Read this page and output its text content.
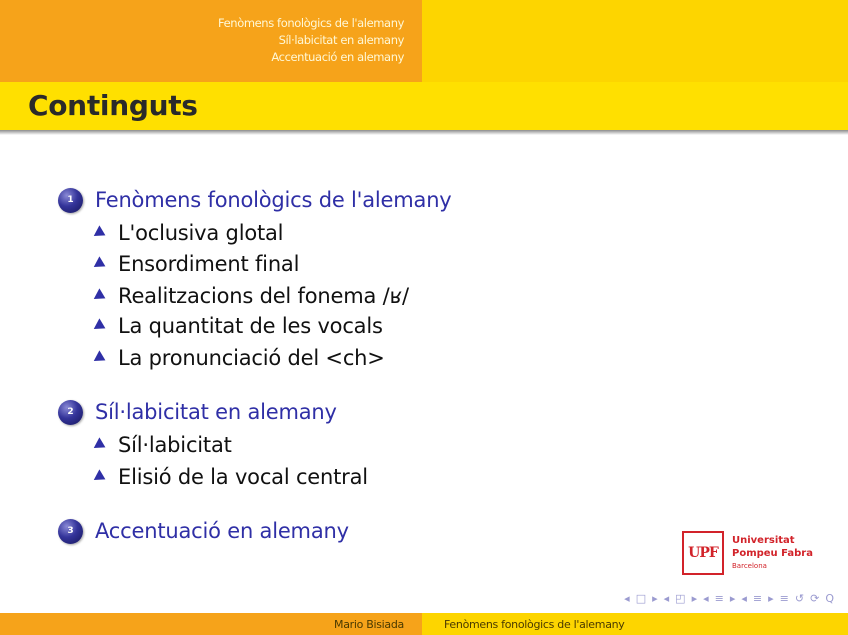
Fenòmens fonològics de l'alemany
Síl·labicitat en alemany
Accentuació en alemany
Continguts
1	Fenòmens fonològics de l'alemany
L'oclusiva glotal
Ensordiment final
Realitzacions del fonema /ʁ/
La quantitat de les vocals
La pronunciació del <ch>
2	Síl·labicitat en alemany
Síl·labicitat
Elisió de la vocal central
3	Accentuació en alemany
UPF
Universitat
Pompeu Fabra
Barcelona
◂ □ ▸ ◂ ◰ ▸ ◂ ≡ ▸ ◂ ≡ ▸ ≡ ↺ ⟳ Q
Mario Bisiada	Fenòmens fonològics de l'alemany
